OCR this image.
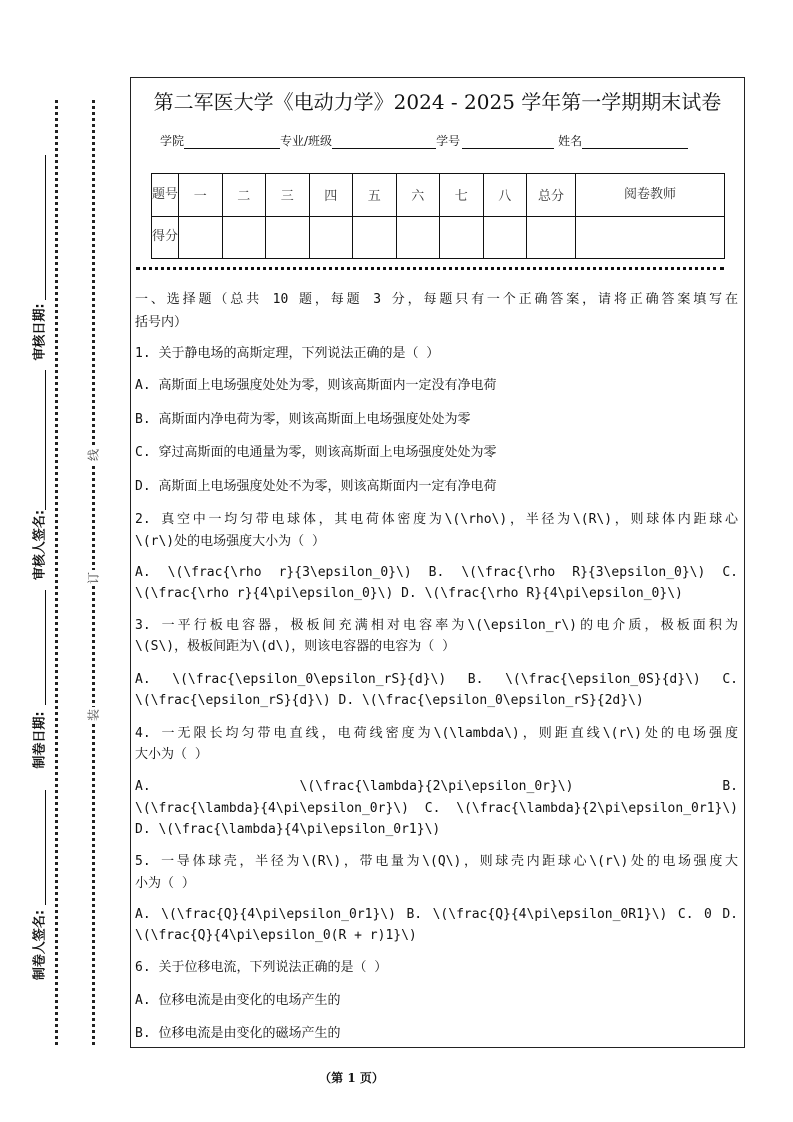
第二军医大学《电动力学》2024 - 2025 学年第一学期期末试卷
学院	专业/班级	学号	姓名
题号	一	二	三	四	五	六	七	八	总分	阅卷教师
得分										
一、选择题（总共 10 题，每题 3 分，每题只有一个正确答案，请将正确答案填写在
括号内）
1. 关于静电场的高斯定理，下列说法正确的是（ ）
A. 高斯面上电场强度处处为零，则该高斯面内一定没有净电荷
B. 高斯面内净电荷为零，则该高斯面上电场强度处处为零
C. 穿过高斯面的电通量为零，则该高斯面上电场强度处处为零
D. 高斯面上电场强度处处不为零，则该高斯面内一定有净电荷
2. 真空中一均匀带电球体，其电荷体密度为\(\rho\)，半径为\(R\)，则球体内距球心
\(r\)处的电场强度大小为（ ）
A. \(\frac{\rho r}{3\epsilon_0}\) B. \(\frac{\rho R}{3\epsilon_0}\) C.
\(\frac{\rho r}{4\pi\epsilon_0}\) D. \(\frac{\rho R}{4\pi\epsilon_0}\)
3. 一平行板电容器，极板间充满相对电容率为\(\epsilon_r\)的电介质，极板面积为
\(S\)，极板间距为\(d\)，则该电容器的电容为（ ）
A. \(\frac{\epsilon_0\epsilon_rS}{d}\) B. \(\frac{\epsilon_0S}{d}\) C.
\(\frac{\epsilon_rS}{d}\) D. \(\frac{\epsilon_0\epsilon_rS}{2d}\)
4. 一无限长均匀带电直线，电荷线密度为\(\lambda\)，则距直线\(r\)处的电场强度
大小为（ ）
A. \(\frac{\lambda}{2\pi\epsilon_0r}\) B.
\(\frac{\lambda}{4\pi\epsilon_0r}\) C. \(\frac{\lambda}{2\pi\epsilon_0r1}\)
D. \(\frac{\lambda}{4\pi\epsilon_0r1}\)
5. 一导体球壳，半径为\(R\)，带电量为\(Q\)，则球壳内距球心\(r\)处的电场强度大
小为（ ）
A. \(\frac{Q}{4\pi\epsilon_0r1}\) B. \(\frac{Q}{4\pi\epsilon_0R1}\) C. 0 D.
\(\frac{Q}{4\pi\epsilon_0(R + r)1}\)
6. 关于位移电流，下列说法正确的是（ ）
A. 位移电流是由变化的电场产生的
B. 位移电流是由变化的磁场产生的
审核日期:
审核人签名:
制卷日期:
制卷人签名:
线
订
装
（第 1 页）
